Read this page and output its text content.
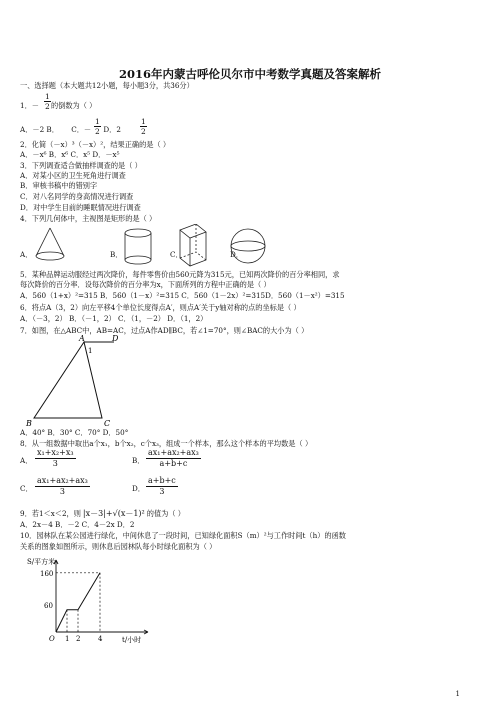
2016年内蒙古呼伦贝尔市中考数学真题及答案解析
一、选择题（本大题共12小题，每小题3分，共36分）
1．－ 的倒数为（ ）
$\frac{1}{2}$
A．－2 B． C．－ D．2
$\frac{1}{2}$	$\frac{1}{2}$
2．化简（－x）³（－x）²，结果正确的是（ ）
A．－x⁶ B．x⁶ C．x⁵ D．－x⁵
3．下列调查适合做抽样调查的是（ ）
A．对某小区的卫生死角进行调查
B．审核书稿中的错别字
C．对八名同学的身高情况进行调查
D．对中学生目前的睡眠情况进行调查
4．下列几何体中，主视图是矩形的是（ ）
A．	B．	C．	D．
5．某种品牌运动服经过两次降价，每件零售价由560元降为315元，已知两次降价的百分率相同，求
每次降价的百分率．设每次降价的百分率为x，下面所列的方程中正确的是（ ）
A．560（1+x）²=315 B．560（1－x）²=315 C．560（1－2x）²=315D．560（1－x²）=315
6．将点A（3，2）向左平移4个单位长度得点A′，则点A′关于y轴对称的点的坐标是（ ）
A．（－3，2） B．（－1，2） C．（1，－2） D．（1，2）
7．如图，在△ABC中，AB=AC，过点A作AD∥BC，若∠1=70°，则∠BAC的大小为（ ）
A	D
1
B	C
A．40° B．30° C．70° D．50°
8．从一组数据中取出a个x₁，b个x₂，c个x₃，组成一个样本，那么这个样本的平均数是（ ）
A．
x₁+x₂+x₃
3	B．
ax₁+ax₂+ax₃
a+b+c
C．
ax₁+ax₂+ax₃
3	D．
a+b+c
3
9．若1＜x＜2，则 |x－3|+√(x－1)² 的值为（ ）
A．2x－4 B．－2 C．4－2x D．2
10．园林队在某公园进行绿化，中间休息了一段时间，已知绿化面积S（m）²与工作时间t（h）的函数
关系的图象如图所示，则休息后园林队每小时绿化面积为（ ）
S/平方米
t/小时
160
60
O 1 2	4
1
